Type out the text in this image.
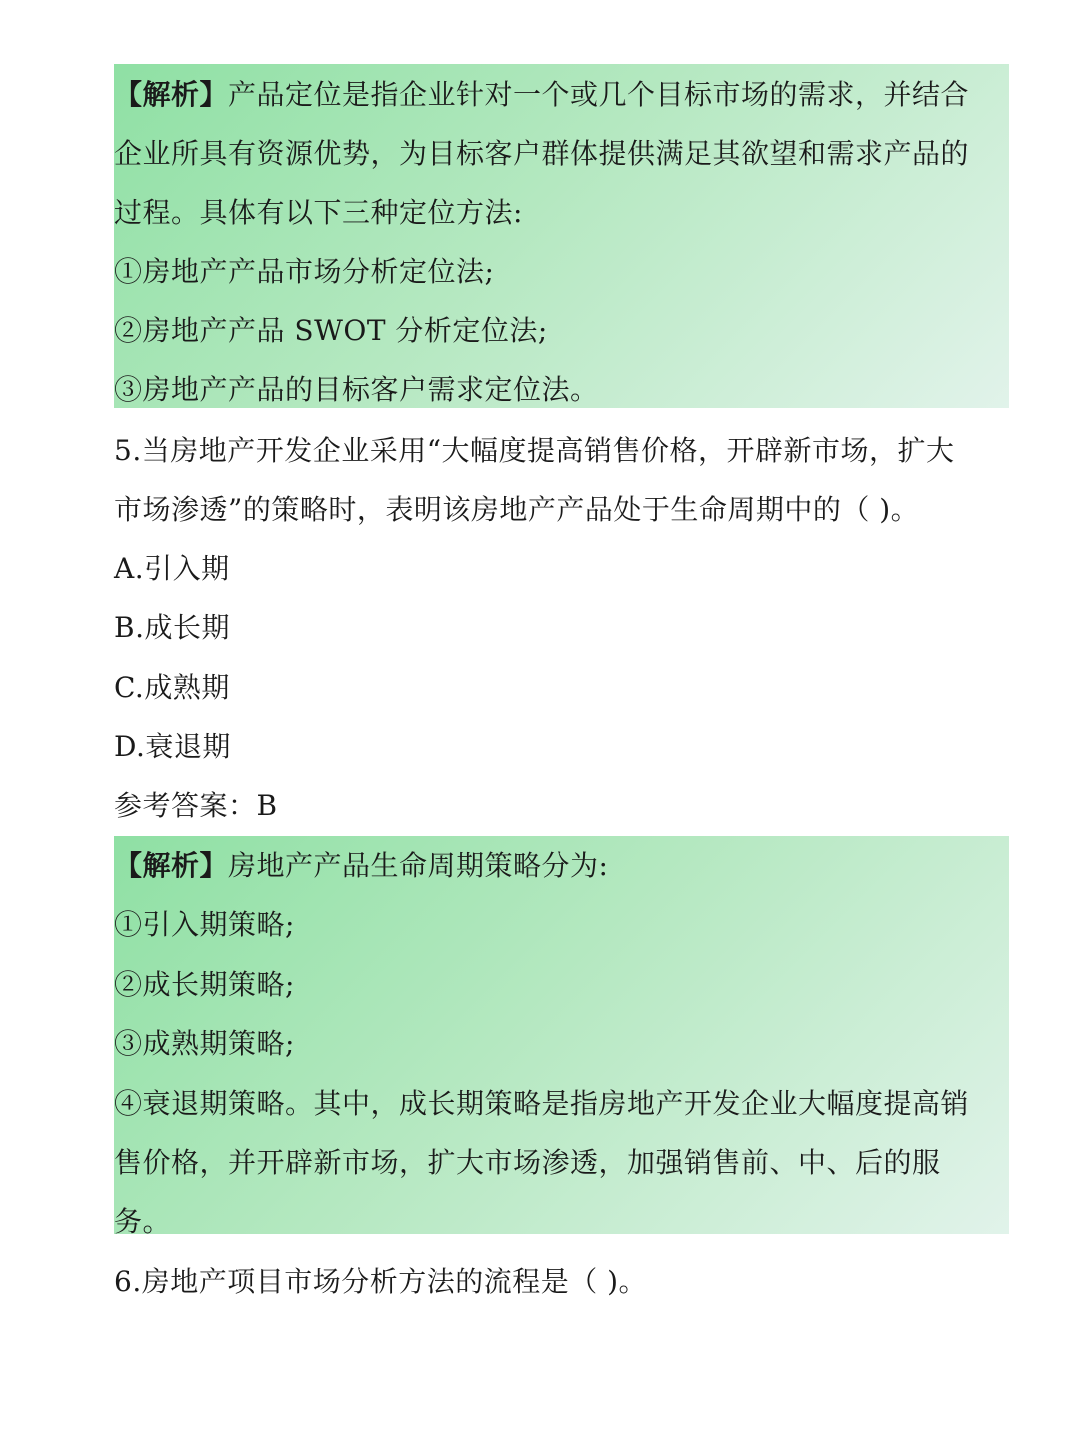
【解析】产品定位是指企业针对一个或几个目标市场的需求，并结合
企业所具有资源优势，为目标客户群体提供满足其欲望和需求产品的
过程。具体有以下三种定位方法:
①房地产产品市场分析定位法;
②房地产产品 SWOT 分析定位法;
③房地产产品的目标客户需求定位法。
5.当房地产开发企业采用“大幅度提高销售价格，开辟新市场，扩大
市场渗透”的策略时，表明该房地产产品处于生命周期中的（ )。
A.引入期
B.成长期
C.成熟期
D.衰退期
参考答案：B
【解析】房地产产品生命周期策略分为:
①引入期策略;
②成长期策略;
③成熟期策略;
④衰退期策略。其中，成长期策略是指房地产开发企业大幅度提高销
售价格，并开辟新市场，扩大市场渗透，加强销售前、中、后的服
务。
6.房地产项目市场分析方法的流程是（ )。
